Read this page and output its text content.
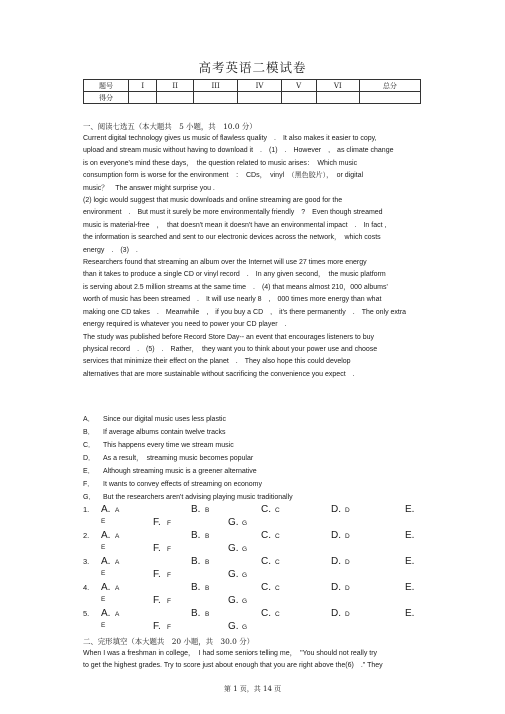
高考英语二模试卷
题号	I	II	III	IV	V	VI	总分
得分							
一、阅读七选五（本大题共　5 小题，共　10.0 分）

Current digital technology gives us music of flawless quality　.　It also makes it easier to copy,

upload and stream music without having to download it　.　(1)　.　However　,　as climate change

is on everyone's mind these days，　the question related to music arises：　Which music

consumption form is worse for the environment　：　CDs，　vinyl　（黑色胶片），　or digital

music？　The answer might surprise you .

(2) logic would suggest that music downloads and online streaming are good for the

environment　.　But must it surely be more environmentally friendly　?　Even though streamed

music is material-free　，　that doesn't mean it doesn't have an environmental impact　.　In fact ,

the information is searched and sent to our electronic devices across the network，　which costs

energy　.　(3)　.

Researchers found that streaming an album over the Internet will use 27 times more energy

than it takes to produce a single CD or vinyl record　.　In any given second，　the music platform

is serving about 2.5 million streams at the same time　.　(4) that means almost 210，000 albums'

worth of music has been streamed　.　It will use nearly 8　,　000 times more energy than what

making one CD takes　.　Meanwhile　,　if you buy a CD　,　it's there permanently　.　The only extra

energy required is whatever you need to power your CD player　.

The study was published before Record Store Day-- an event that encourages listeners to buy

physical record　.　(5)　.　Rather，　they want you to think about your power use and choose

services that minimize their effect on the planet　.　They also hope this could develop

alternatives that are more sustainable without sacrificing the convenience you expect　.

A． Since our digital music uses less plastic
B． If average albums contain twelve tracks
C． This happens every time we stream music
D． As a result，　streaming music becomes popular
E． Although streaming music is a greener alternative
F． It wants to convey effects of streaming on economy
G． But the researchers aren't advising playing music traditionally
1. A. A	B. B	C. C	D. D	E.
E	F. F	G. G
2. A. A	B. B	C. C	D. D	E.
E	F. F	G. G
3. A. A	B. B	C. C	D. D	E.
E	F. F	G. G
4. A. A	B. B	C. C	D. D	E.
E	F. F	G. G
5. A. A	B. B	C. C	D. D	E.
E	F. F	G. G
二、完形填空（本大题共　20 小题，共　30.0 分）

When I was a freshman in college，　I had some seniors telling me，　"You should not really try

to get the highest grades. Try to score just about enough that you are right above the(6)　." They

第 1 页，共 14 页
